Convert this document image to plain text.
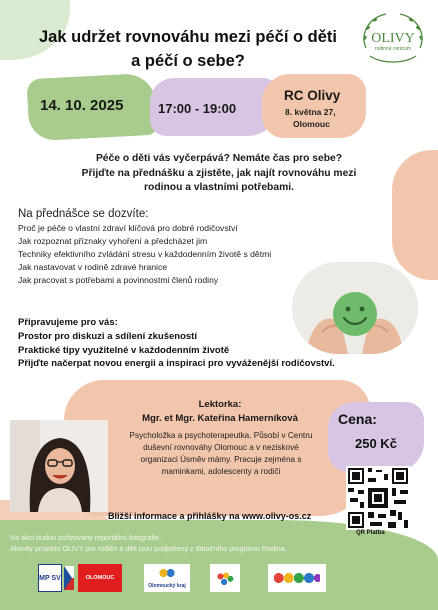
OLIVY
rodinné centrum
Jak udržet rovnováhu mezi péčí o děti
a péčí o sebe?
14. 10. 2025	17:00 - 19:00
RC Olivy
8. května 27,
Olomouc
Péče o děti vás vyčerpává? Nemáte čas pro sebe?
Přijďte na přednášku a zjistěte, jak najít rovnováhu mezi
rodinou a vlastními potřebami.
Na přednášce se dozvíte:
Proč je péče o vlastní zdraví klíčová pro dobré rodičovství
Jak rozpoznat příznaky vyhoření a předcházet jim
Techniky efektivního zvládání stresu v každodenním životě s dětmi
Jak nastavovat v rodině zdravé hranice
Jak pracovat s potřebami a povinnostmi členů rodiny
Připravujeme pro vás:
Prostor pro diskuzi a sdílení zkušeností
Praktické tipy využitelné v každodenním životě
Přijďte načerpat novou energii a inspiraci pro vyváženější rodičovství.
Lektorka:
Mgr. et Mgr. Kateřina Hamerníková
Psycholožka a psychoterapeutka. Působí v Centru duševní rovnováhy Olomouc a v neziskové organizaci Úsměv mámy. Pracuje zejména s maminkami, adolescenty a rodiči
Cena:
250 Kč
QR Platba
Bližší informace a přihlášky na www.olivy-os.cz
Na akci budou pořizovány reportážní fotografie.
Aktivity projektu OLIVY pro rodiče a děti jsou podpořeny z dotačního programu Rodina.
MP SV	OLOMOUC
Olomoucký kraj
